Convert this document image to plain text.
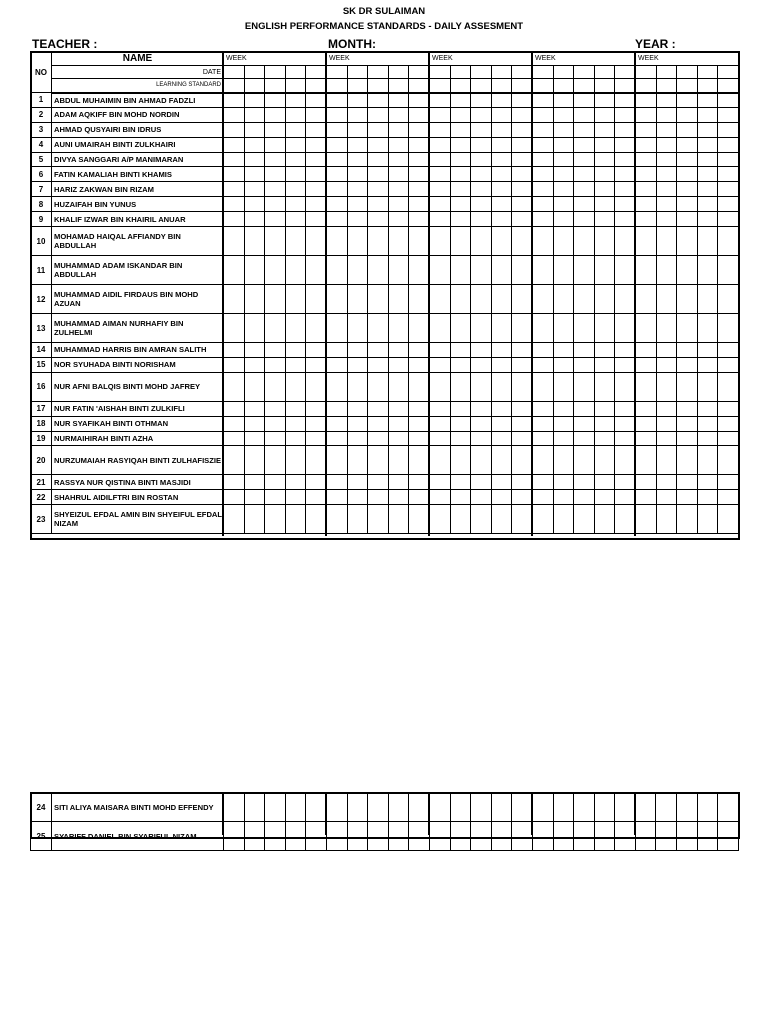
SK DR SULAIMAN
ENGLISH PERFORMANCE STANDARDS - DAILY ASSESMENT
TEACHER :	MONTH:	YEAR :
NO	NAME	WEEK					WEEK					WEEK					WEEK					WEEK				
	DATE																									
	LEARNING STANDARD																									
1	ABDUL MUHAIMIN BIN AHMAD FADZLI																									
2	ADAM AQKIFF BIN MOHD NORDIN																									
3	AHMAD QUSYAIRI BIN IDRUS																									
4	AUNI UMAIRAH BINTI ZULKHAIRI																									
5	DIVYA SANGGARI A/P MANIMARAN																									
6	FATIN KAMALIAH BINTI KHAMIS																									
7	HARIZ ZAKWAN BIN RIZAM																									
8	HUZAIFAH BIN YUNUS																									
9	KHALIF IZWAR BIN KHAIRIL ANUAR																									
10	MOHAMAD HAIQAL AFFIANDY BIN ABDULLAH																									
11	MUHAMMAD ADAM ISKANDAR BIN ABDULLAH																									
12	MUHAMMAD AIDIL FIRDAUS BIN MOHD AZUAN																									
13	MUHAMMAD AIMAN NURHAFIY BIN ZULHELMI																									
14	MUHAMMAD HARRIS BIN AMRAN SALITH																									
15	NOR SYUHADA BINTI NORISHAM																									
16	NUR AFNI BALQIS BINTI MOHD JAFREY																									
17	NUR FATIN 'AISHAH BINTI ZULKIFLI																									
18	NUR SYAFIKAH BINTI OTHMAN																									
19	NURMAIHIRAH BINTI AZHA																									
20	NURZUMAIAH RASYIQAH BINTI ZULHAFISZIE																									
21	RASSYA NUR QISTINA BINTI MASJIDI																									
22	SHAHRUL AIDILFTRI BIN ROSTAN																									
23	SHYEIZUL EFDAL AMIN BIN SHYEIFUL EFDAL NIZAM																									
24	SITI ALIYA MAISARA BINTI MOHD EFFENDY																									
25	SYARIFF DANIEL BIN SYARIFUL NIZAM																									
